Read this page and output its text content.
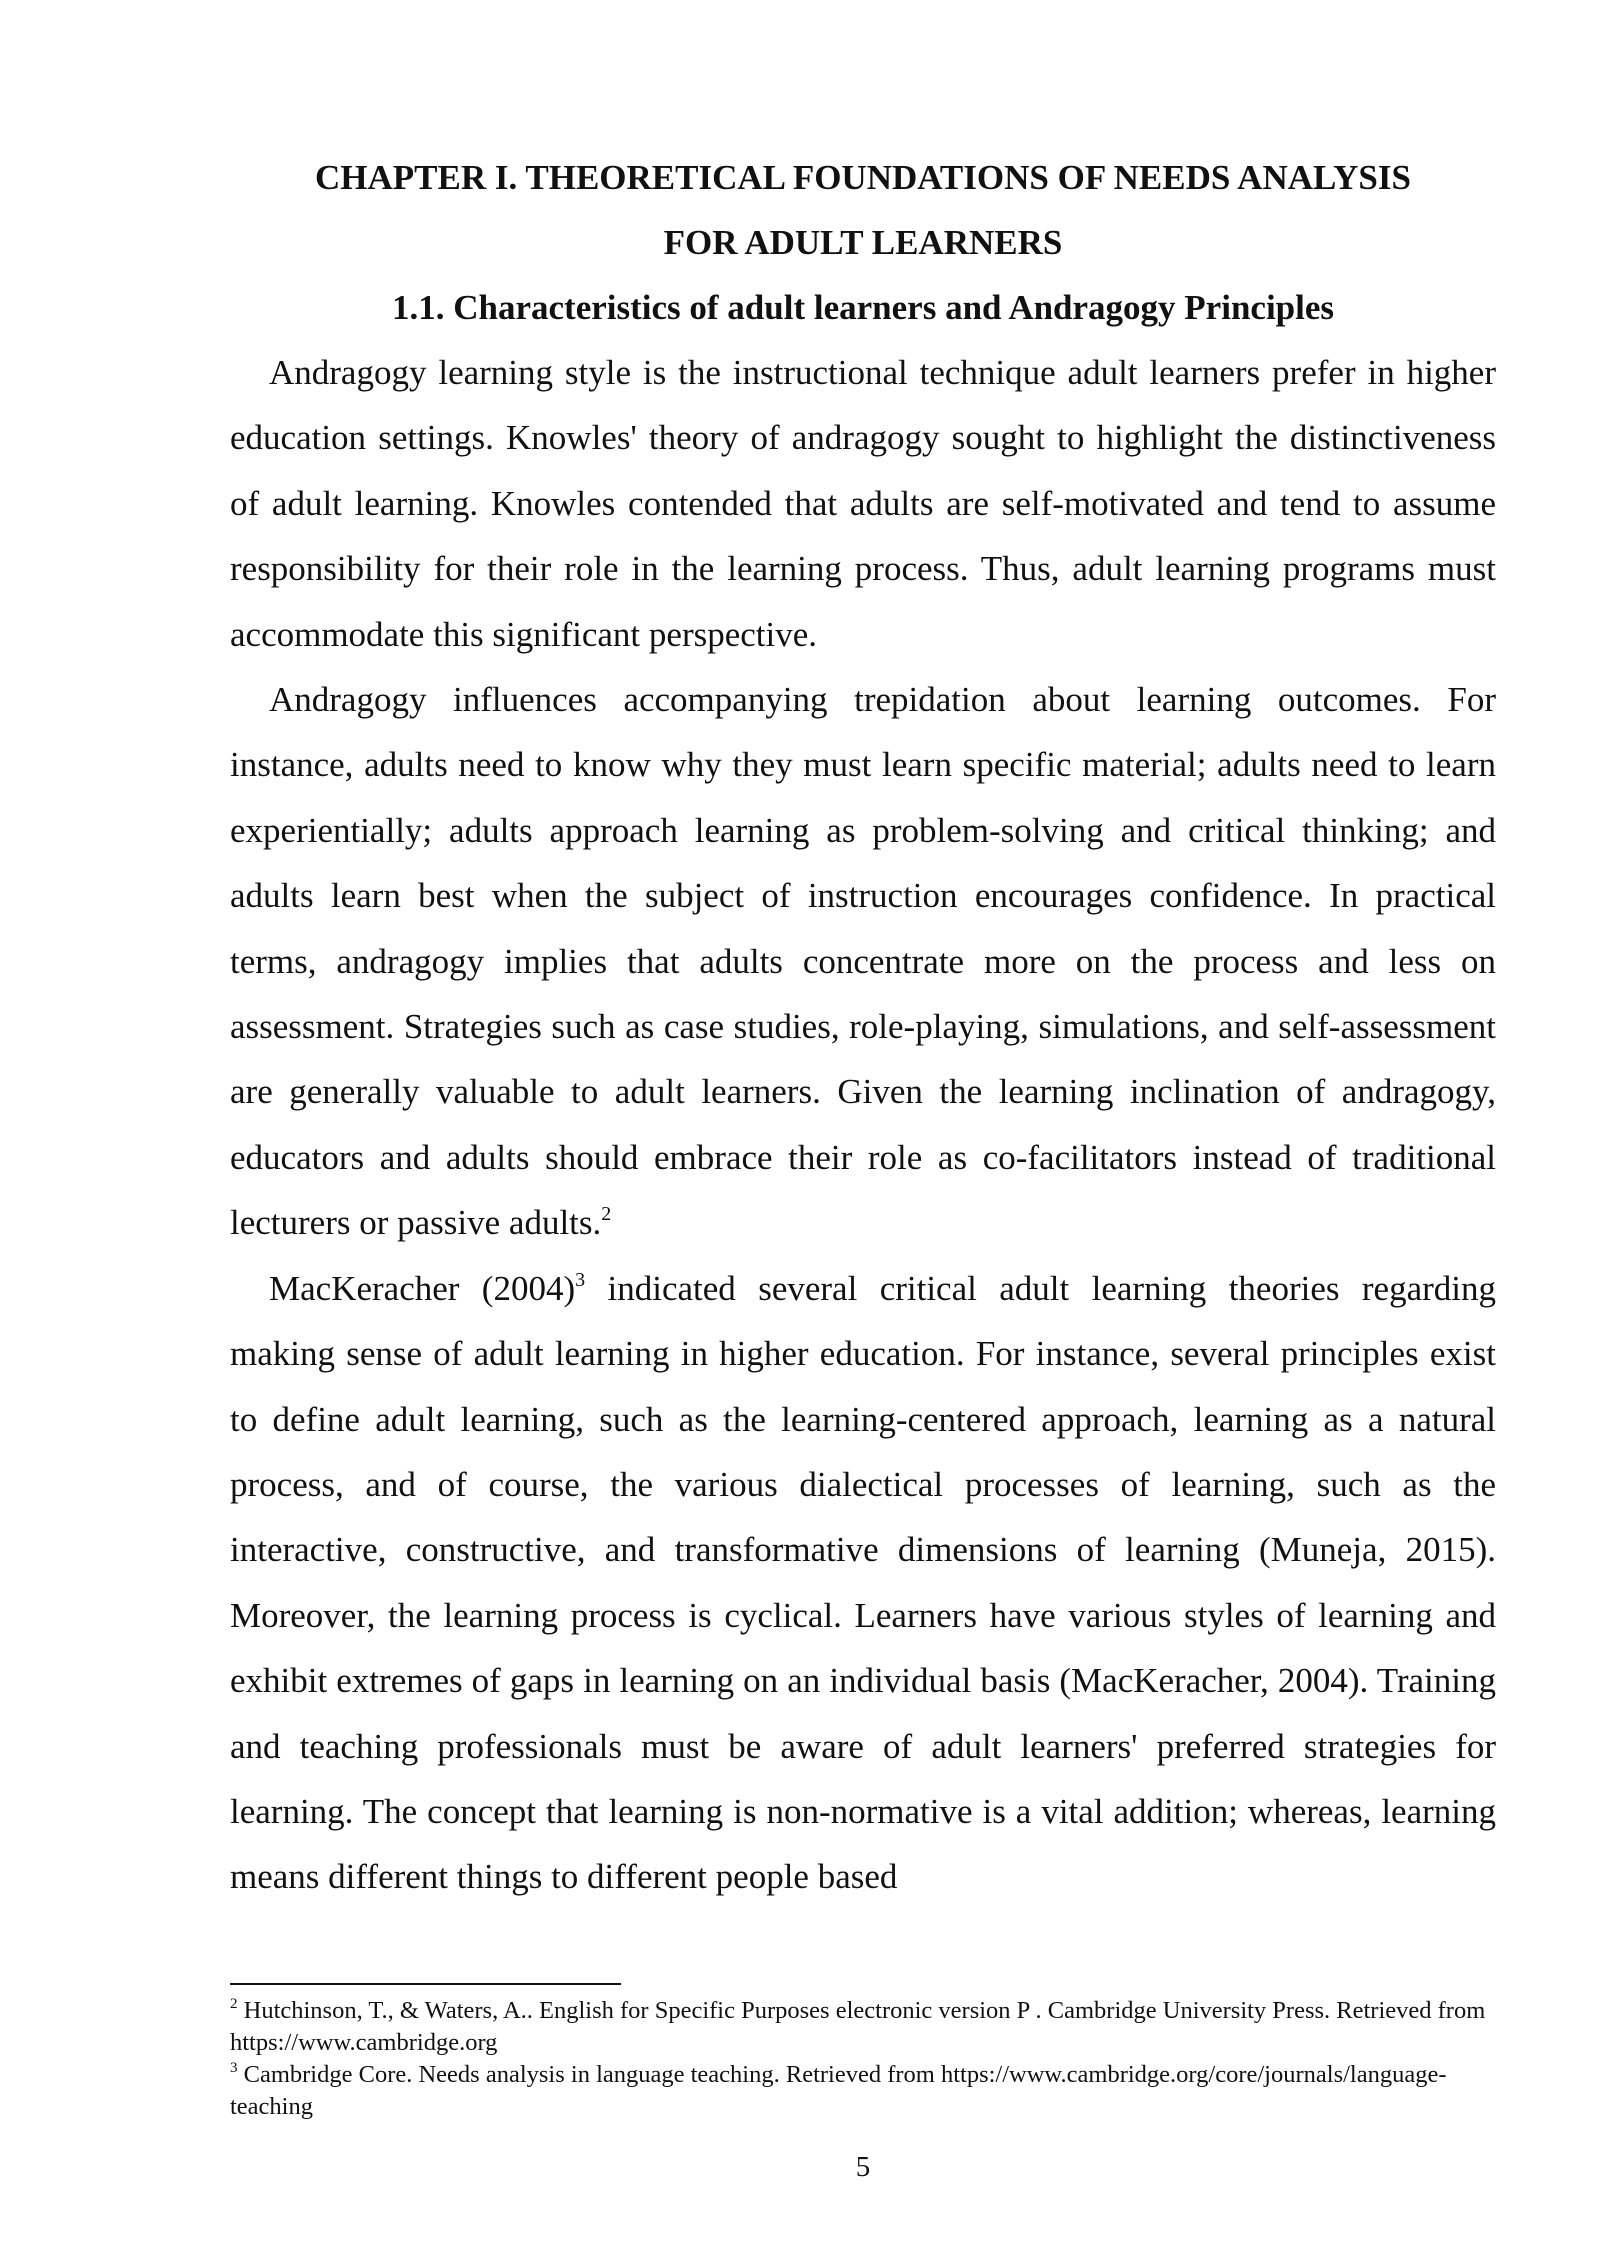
CHAPTER I. THEORETICAL FOUNDATIONS OF NEEDS ANALYSIS
FOR ADULT LEARNERS
1.1. Characteristics of adult learners and Andragogy Principles

Andragogy learning style is the instructional technique adult learners prefer in higher education settings. Knowles' theory of andragogy sought to highlight the distinctiveness of adult learning. Knowles contended that adults are self-motivated and tend to assume responsibility for their role in the learning process. Thus, adult learning programs must accommodate this significant perspective.

Andragogy influences accompanying trepidation about learning outcomes. For instance, adults need to know why they must learn specific material; adults need to learn experientially; adults approach learning as problem-solving and critical thinking; and adults learn best when the subject of instruction encourages confidence. In practical terms, andragogy implies that adults concentrate more on the process and less on assessment. Strategies such as case studies, role-playing, simulations, and self-assessment are generally valuable to adult learners. Given the learning inclination of andragogy, educators and adults should embrace their role as co-facilitators instead of traditional lecturers or passive adults.$^2$

MacKeracher $(2004)^3$ indicated several critical adult learning theories regarding making sense of adult learning in higher education. For instance, several principles exist to define adult learning, such as the learning-centered approach, learning as a natural process, and of course, the various dialectical processes of learning, such as the interactive, constructive, and transformative dimensions of learning (Muneja, 2015). Moreover, the learning process is cyclical. Learners have various styles of learning and exhibit extremes of gaps in learning on an individual basis (MacKeracher, 2004). Training and teaching professionals must be aware of adult learners' preferred strategies for learning. The concept that learning is non-normative is a vital addition; whereas, learning means different things to different people based

$^2$ Hutchinson, T., & Waters, A.. English for Specific Purposes electronic version P . Cambridge University Press. Retrieved from https://www.cambridge.org

$^3$ Cambridge Core. Needs analysis in language teaching. Retrieved from https://www.cambridge.org/core/journals/language-teaching

5
